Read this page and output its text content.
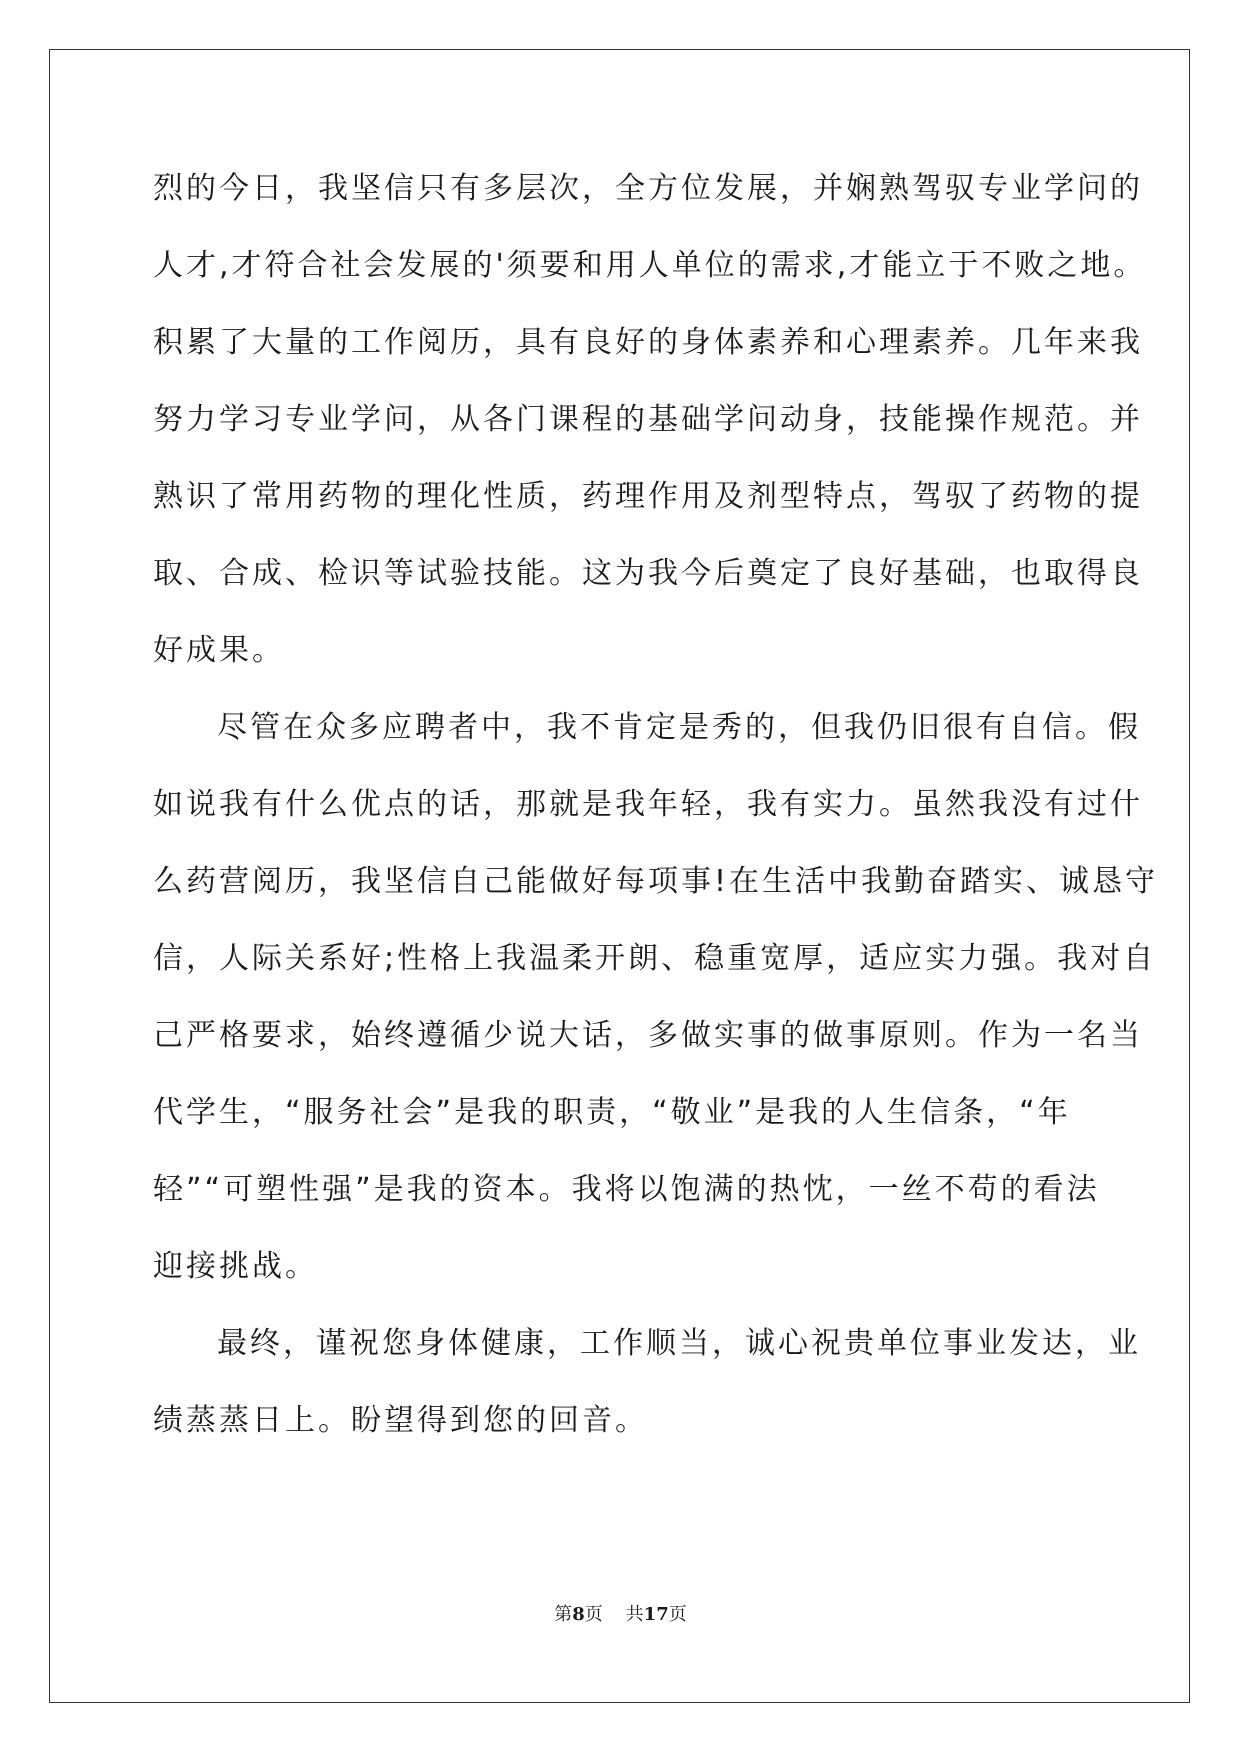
烈的今日，我坚信只有多层次，全方位发展，并娴熟驾驭专业学问的
人才,才符合社会发展的'须要和用人单位的需求,才能立于不败之地。
积累了大量的工作阅历，具有良好的身体素养和心理素养。几年来我
努力学习专业学问，从各门课程的基础学问动身，技能操作规范。并
熟识了常用药物的理化性质，药理作用及剂型特点，驾驭了药物的提
取、合成、检识等试验技能。这为我今后奠定了良好基础，也取得良
好成果。
尽管在众多应聘者中，我不肯定是秀的，但我仍旧很有自信。假
如说我有什么优点的话，那就是我年轻，我有实力。虽然我没有过什
么药营阅历，我坚信自己能做好每项事!在生活中我勤奋踏实、诚恳守
信，人际关系好;性格上我温柔开朗、稳重宽厚，适应实力强。我对自
己严格要求，始终遵循少说大话，多做实事的做事原则。作为一名当
代学生，“服务社会”是我的职责，“敬业”是我的人生信条，“年
轻”“可塑性强”是我的资本。我将以饱满的热忱，一丝不苟的看法
迎接挑战。
最终，谨祝您身体健康，工作顺当，诚心祝贵单位事业发达，业
绩蒸蒸日上。盼望得到您的回音。
第8页 共17页
